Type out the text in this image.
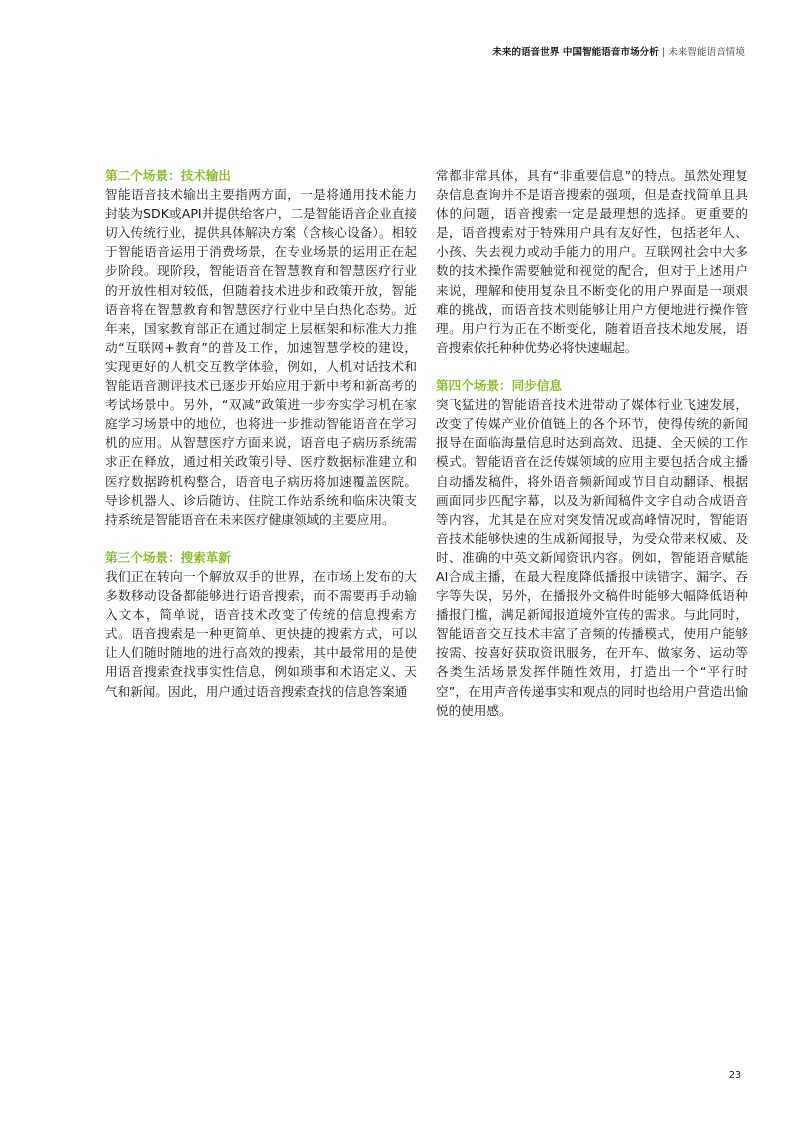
未来的语音世界 中国智能语音市场分析 | 未来智能语音情境

第二个场景：技术输出

智能语音技术输出主要指两方面，一是将通用技术能力封装为SDK或API并提供给客户，二是智能语音企业直接切入传统行业，提供具体解决方案（含核心设备）。相较于智能语音运用于消费场景，在专业场景的运用正在起步阶段。现阶段，智能语音在智慧教育和智慧医疗行业的开放性相对较低，但随着技术进步和政策开放，智能语音将在智慧教育和智慧医疗行业中呈白热化态势。近年来，国家教育部正在通过制定上层框架和标准大力推动“互联网+教育”的普及工作，加速智慧学校的建设，实现更好的人机交互教学体验，例如，人机对话技术和智能语音测评技术已逐步开始应用于新中考和新高考的考试场景中。另外，“双减”政策进一步夯实学习机在家庭学习场景中的地位，也将进一步推动智能语音在学习机的应用。从智慧医疗方面来说，语音电子病历系统需求正在释放，通过相关政策引导、医疗数据标准建立和医疗数据跨机构整合，语音电子病历将加速覆盖医院。导诊机器人、诊后随访、住院工作站系统和临床决策支持系统是智能语音在未来医疗健康领域的主要应用。

第三个场景：搜索革新

我们正在转向一个解放双手的世界，在市场上发布的大多数移动设备都能够进行语音搜索，而不需要再手动输入文本，简单说，语音技术改变了传统的信息搜索方式。语音搜索是一种更简单、更快捷的搜索方式，可以让人们随时随地的进行高效的搜索，其中最常用的是使用语音搜索查找事实性信息，例如琐事和术语定义、天气和新闻。因此，用户通过语音搜索查找的信息答案通

常都非常具体，具有“非重要信息”的特点。虽然处理复杂信息查询并不是语音搜索的强项，但是查找简单且具体的问题，语音搜索一定是最理想的选择。更重要的是，语音搜索对于特殊用户具有友好性，包括老年人、小孩、失去视力或动手能力的用户。互联网社会中大多数的技术操作需要触觉和视觉的配合，但对于上述用户来说，理解和使用复杂且不断变化的用户界面是一项艰难的挑战，而语音技术则能够让用户方便地进行操作管理。用户行为正在不断变化，随着语音技术地发展，语音搜索依托种种优势必将快速崛起。

第四个场景：同步信息

突飞猛进的智能语音技术进带动了媒体行业飞速发展，改变了传媒产业价值链上的各个环节，使得传统的新闻报导在面临海量信息时达到高效、迅捷、全天候的工作模式。智能语音在泛传媒领域的应用主要包括合成主播自动播发稿件，将外语音频新闻或节目自动翻译、根据画面同步匹配字幕，以及为新闻稿件文字自动合成语音等内容，尤其是在应对突发情况或高峰情况时，智能语音技术能够快速的生成新闻报导，为受众带来权威、及时、准确的中英文新闻资讯内容。例如，智能语音赋能AI合成主播，在最大程度降低播报中读错字、漏字、吞字等失误，另外，在播报外文稿件时能够大幅降低语种播报门槛，满足新闻报道境外宣传的需求。与此同时，智能语音交互技术丰富了音频的传播模式，使用户能够按需、按喜好获取资讯服务，在开车、做家务、运动等各类生活场景发挥伴随性效用，打造出一个“平行时空”，在用声音传递事实和观点的同时也给用户营造出愉悦的使用感。

23
